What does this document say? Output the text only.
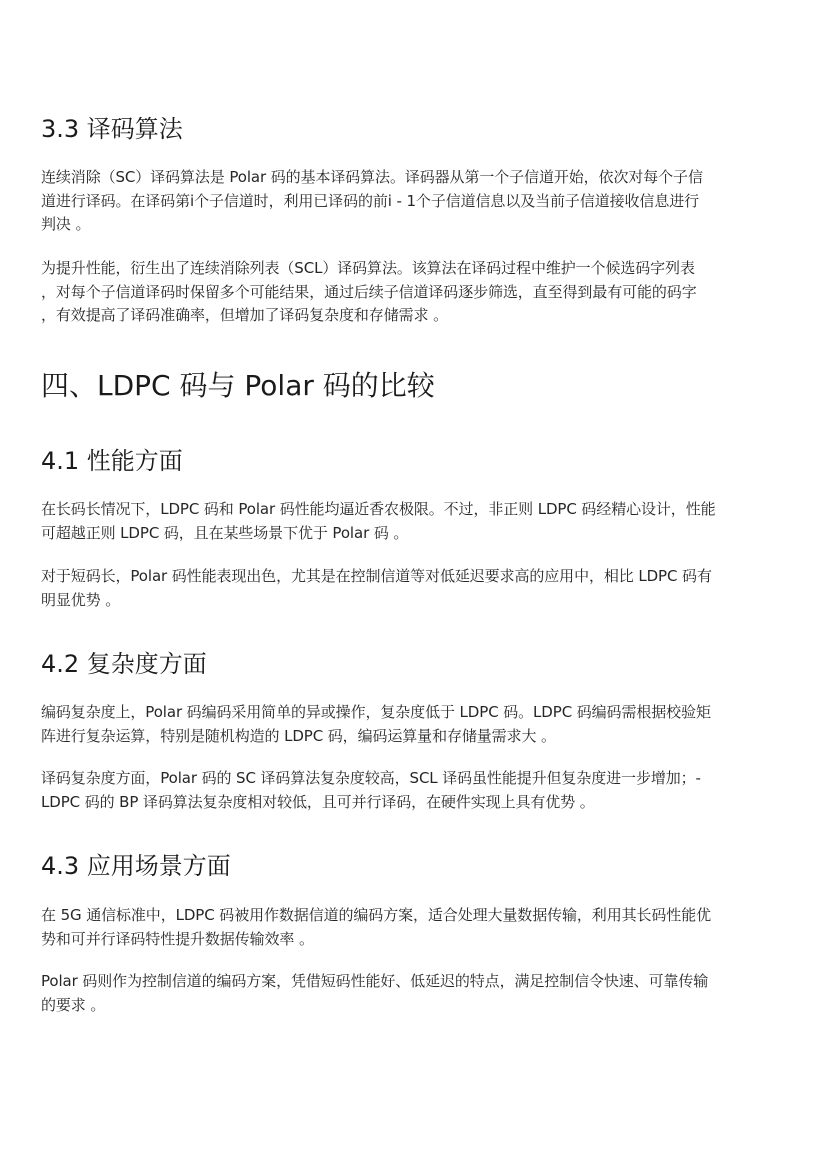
3.3 译码算法

连续消除（SC）译码算法是 Polar 码的基本译码算法。译码器从第一个子信道开始，依次对每个子信
道进行译码。在译码第i个子信道时，利用已译码的前i - 1个子信道信息以及当前子信道接收信息进行
判决 。

为提升性能，衍生出了连续消除列表（SCL）译码算法。该算法在译码过程中维护一个候选码字列表
，对每个子信道译码时保留多个可能结果，通过后续子信道译码逐步筛选，直至得到最有可能的码字
，有效提高了译码准确率，但增加了译码复杂度和存储需求 。

四、LDPC 码与 Polar 码的比较
4.1 性能方面

在长码长情况下，LDPC 码和 Polar 码性能均逼近香农极限。不过，非正则 LDPC 码经精心设计，性能
可超越正则 LDPC 码，且在某些场景下优于 Polar 码 。

对于短码长，Polar 码性能表现出色，尤其是在控制信道等对低延迟要求高的应用中，相比 LDPC 码有
明显优势 。

4.2 复杂度方面

编码复杂度上，Polar 码编码采用简单的异或操作，复杂度低于 LDPC 码。LDPC 码编码需根据校验矩
阵进行复杂运算，特别是随机构造的 LDPC 码，编码运算量和存储量需求大 。

译码复杂度方面，Polar 码的 SC 译码算法复杂度较高，SCL 译码虽性能提升但复杂度进一步增加；-
LDPC 码的 BP 译码算法复杂度相对较低，且可并行译码，在硬件实现上具有优势 。

4.3 应用场景方面

在 5G 通信标准中，LDPC 码被用作数据信道的编码方案，适合处理大量数据传输，利用其长码性能优
势和可并行译码特性提升数据传输效率 。

Polar 码则作为控制信道的编码方案，凭借短码性能好、低延迟的特点，满足控制信令快速、可靠传输
的要求 。
